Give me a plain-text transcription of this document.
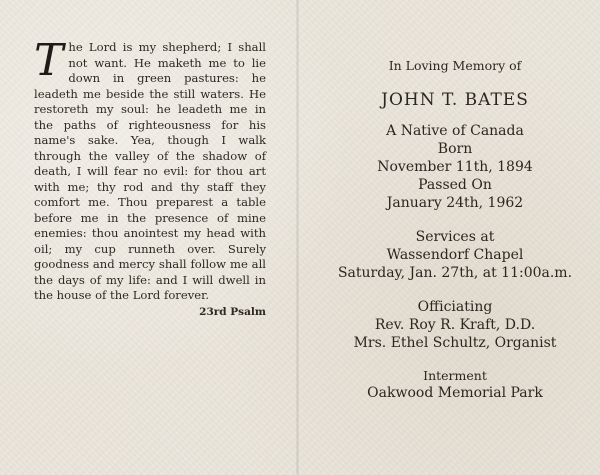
The Lord is my shepherd; I shall not want. He maketh me to lie down in green pastures: he leadeth me beside the still waters. He restoreth my soul: he leadeth me in the paths of righteousness for his name's sake. Yea, though I walk through the valley of the shadow of death, I will fear no evil: for thou art with me; thy rod and thy staff they comfort me. Thou preparest a table before me in the presence of mine enemies: thou anointest my head with oil; my cup runneth over. Surely goodness and mercy shall follow me all the days of my life: and I will dwell in the house of the Lord forever.

23rd Psalm
In Loving Memory of
JOHN T. BATES
A Native of Canada
Born
November 11th, 1894
Passed On
January 24th, 1962
Services at
Wassendorf Chapel
Saturday, Jan. 27th, at 11:00a.m.
Officiating
Rev. Roy R. Kraft, D.D.
Mrs. Ethel Schultz, Organist
Interment
Oakwood Memorial Park
